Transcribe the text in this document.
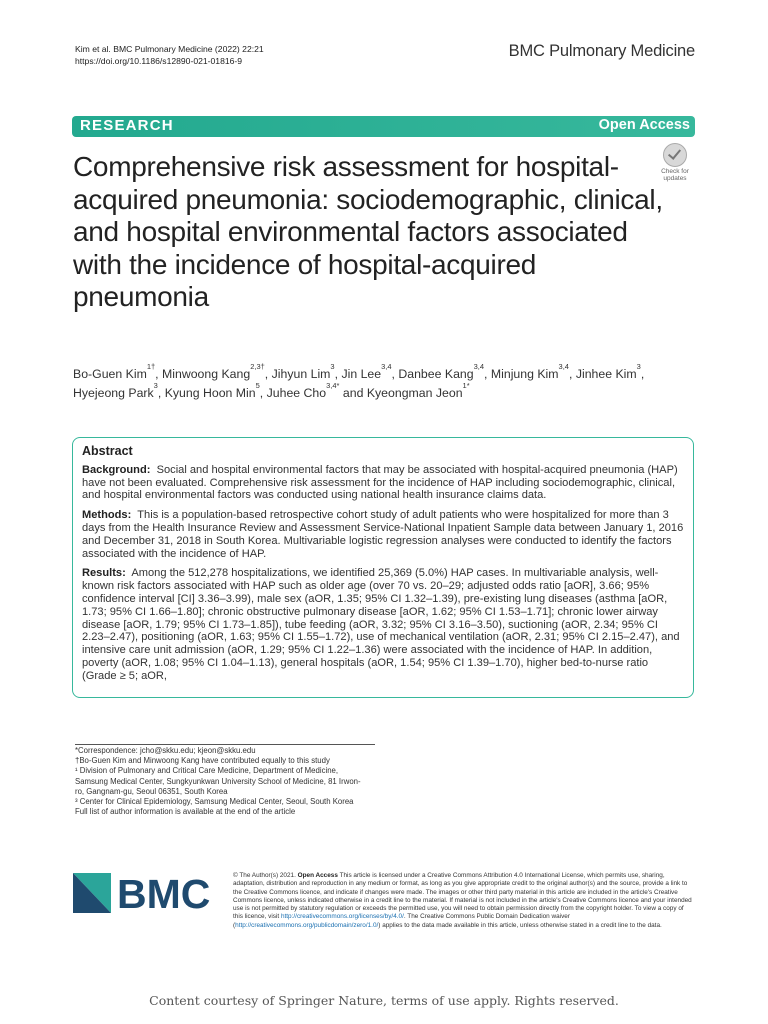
Kim et al. BMC Pulmonary Medicine (2022) 22:21
https://doi.org/10.1186/s12890-021-01816-9
BMC Pulmonary Medicine
RESEARCH	Open Access
Check for
updates
Comprehensive risk assessment for hospital-acquired pneumonia: sociodemographic, clinical, and hospital environmental factors associated with the incidence of hospital-acquired pneumonia
Bo-Guen Kim$^{1\dagger}$, Minwoong Kang$^{2,3\dagger}$, Jihyun Lim$^3$, Jin Lee$^{3,4}$, Danbee Kang$^{3,4}$, Minjung Kim$^{3,4}$, Jinhee Kim$^3$, Hyejeong Park$^3$, Kyung Hoon Min$^5$, Juhee Cho$^{3,4*}$ and Kyeongman Jeon$^{1*}$
Abstract

Background: Social and hospital environmental factors that may be associated with hospital-acquired pneumonia (HAP) have not been evaluated. Comprehensive risk assessment for the incidence of HAP including sociodemographic, clinical, and hospital environmental factors was conducted using national health insurance claims data.

Methods: This is a population-based retrospective cohort study of adult patients who were hospitalized for more than 3 days from the Health Insurance Review and Assessment Service-National Inpatient Sample data between January 1, 2016 and December 31, 2018 in South Korea. Multivariable logistic regression analyses were conducted to identify the factors associated with the incidence of HAP.

Results: Among the 512,278 hospitalizations, we identified 25,369 (5.0%) HAP cases. In multivariable analysis, well-known risk factors associated with HAP such as older age (over 70 vs. 20–29; adjusted odds ratio [aOR], 3.66; 95% confidence interval [CI] 3.36–3.99), male sex (aOR, 1.35; 95% CI 1.32–1.39), pre-existing lung diseases (asthma [aOR, 1.73; 95% CI 1.66–1.80]; chronic obstructive pulmonary disease [aOR, 1.62; 95% CI 1.53–1.71]; chronic lower airway disease [aOR, 1.79; 95% CI 1.73–1.85]), tube feeding (aOR, 3.32; 95% CI 3.16–3.50), suctioning (aOR, 2.34; 95% CI 2.23–2.47), positioning (aOR, 1.63; 95% CI 1.55–1.72), use of mechanical ventilation (aOR, 2.31; 95% CI 2.15–2.47), and intensive care unit admission (aOR, 1.29; 95% CI 1.22–1.36) were associated with the incidence of HAP. In addition, poverty (aOR, 1.08; 95% CI 1.04–1.13), general hospitals (aOR, 1.54; 95% CI 1.39–1.70), higher bed-to-nurse ratio (Grade ≥ 5; aOR,

*Correspondence: jcho@skku.edu; kjeon@skku.edu

†Bo-Guen Kim and Minwoong Kang have contributed equally to this study

¹ Division of Pulmonary and Critical Care Medicine, Department of Medicine, Samsung Medical Center, Sungkyunkwan University School of Medicine, 81 Irwon-ro, Gangnam-gu, Seoul 06351, South Korea

³ Center for Clinical Epidemiology, Samsung Medical Center, Seoul, South Korea

Full list of author information is available at the end of the article

BMC	© The Author(s) 2021. Open Access This article is licensed under a Creative Commons Attribution 4.0 International License, which permits use, sharing, adaptation, distribution and reproduction in any medium or format, as long as you give appropriate credit to the original author(s) and the source, provide a link to the Creative Commons licence, and indicate if changes were made. The images or other third party material in this article are included in the article's Creative Commons licence, unless indicated otherwise in a credit line to the material. If material is not included in the article's Creative Commons licence and your intended use is not permitted by statutory regulation or exceeds the permitted use, you will need to obtain permission directly from the copyright holder. To view a copy of this licence, visit http://creativecommons.org/licenses/by/4.0/. The Creative Commons Public Domain Dedication waiver (http://creativecommons.org/publicdomain/zero/1.0/) applies to the data made available in this article, unless otherwise stated in a credit line to the data.
Content courtesy of Springer Nature, terms of use apply. Rights reserved.
